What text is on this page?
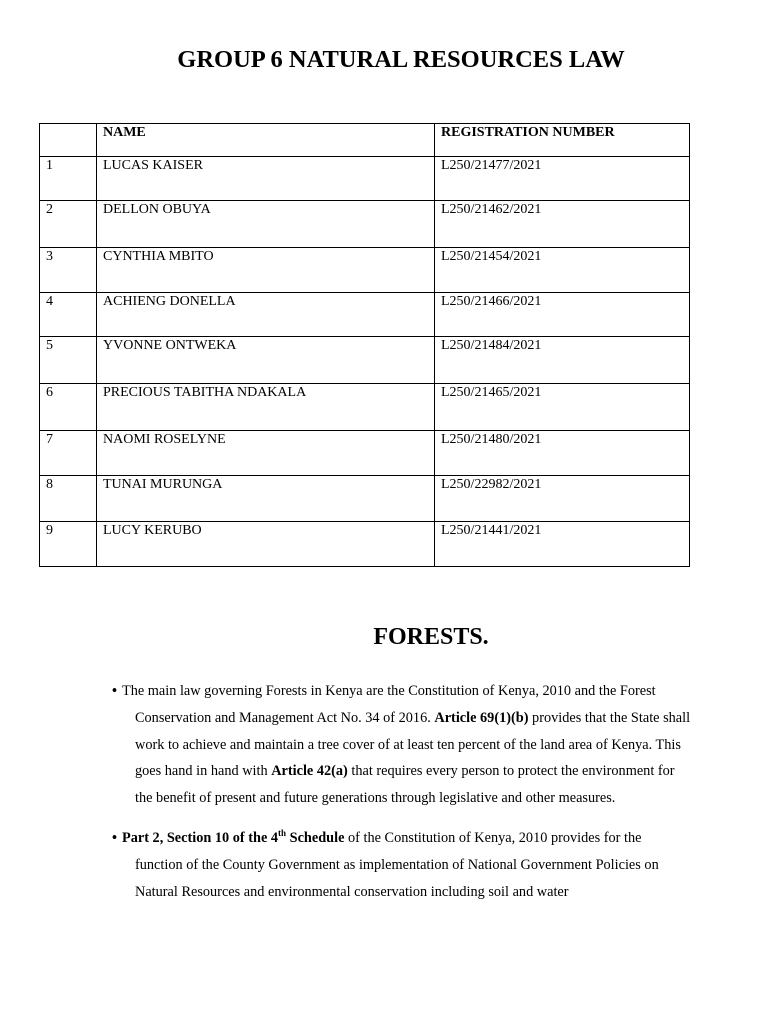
GROUP 6 NATURAL RESOURCES LAW
	NAME	REGISTRATION NUMBER
1	LUCAS KAISER	L250/21477/2021
2	DELLON OBUYA	L250/21462/2021
3	CYNTHIA MBITO	L250/21454/2021
4	ACHIENG DONELLA	L250/21466/2021
5	YVONNE ONTWEKA	L250/21484/2021
6	PRECIOUS TABITHA NDAKALA	L250/21465/2021
7	NAOMI ROSELYNE	L250/21480/2021
8	TUNAI MURUNGA	L250/22982/2021
9	LUCY KERUBO	L250/21441/2021
FORESTS.
• The main law governing Forests in Kenya are the Constitution of Kenya, 2010 and the Forest Conservation and Management Act No. 34 of 2016. Article 69(1)(b) provides that the State shall work to achieve and maintain a tree cover of at least ten percent of the land area of Kenya. This goes hand in hand with Article 42(a) that requires every person to protect the environment for the benefit of present and future generations through legislative and other measures.
• Part 2, Section 10 of the 4th Schedule of the Constitution of Kenya, 2010 provides for the function of the County Government as implementation of National Government Policies on Natural Resources and environmental conservation including soil and water
